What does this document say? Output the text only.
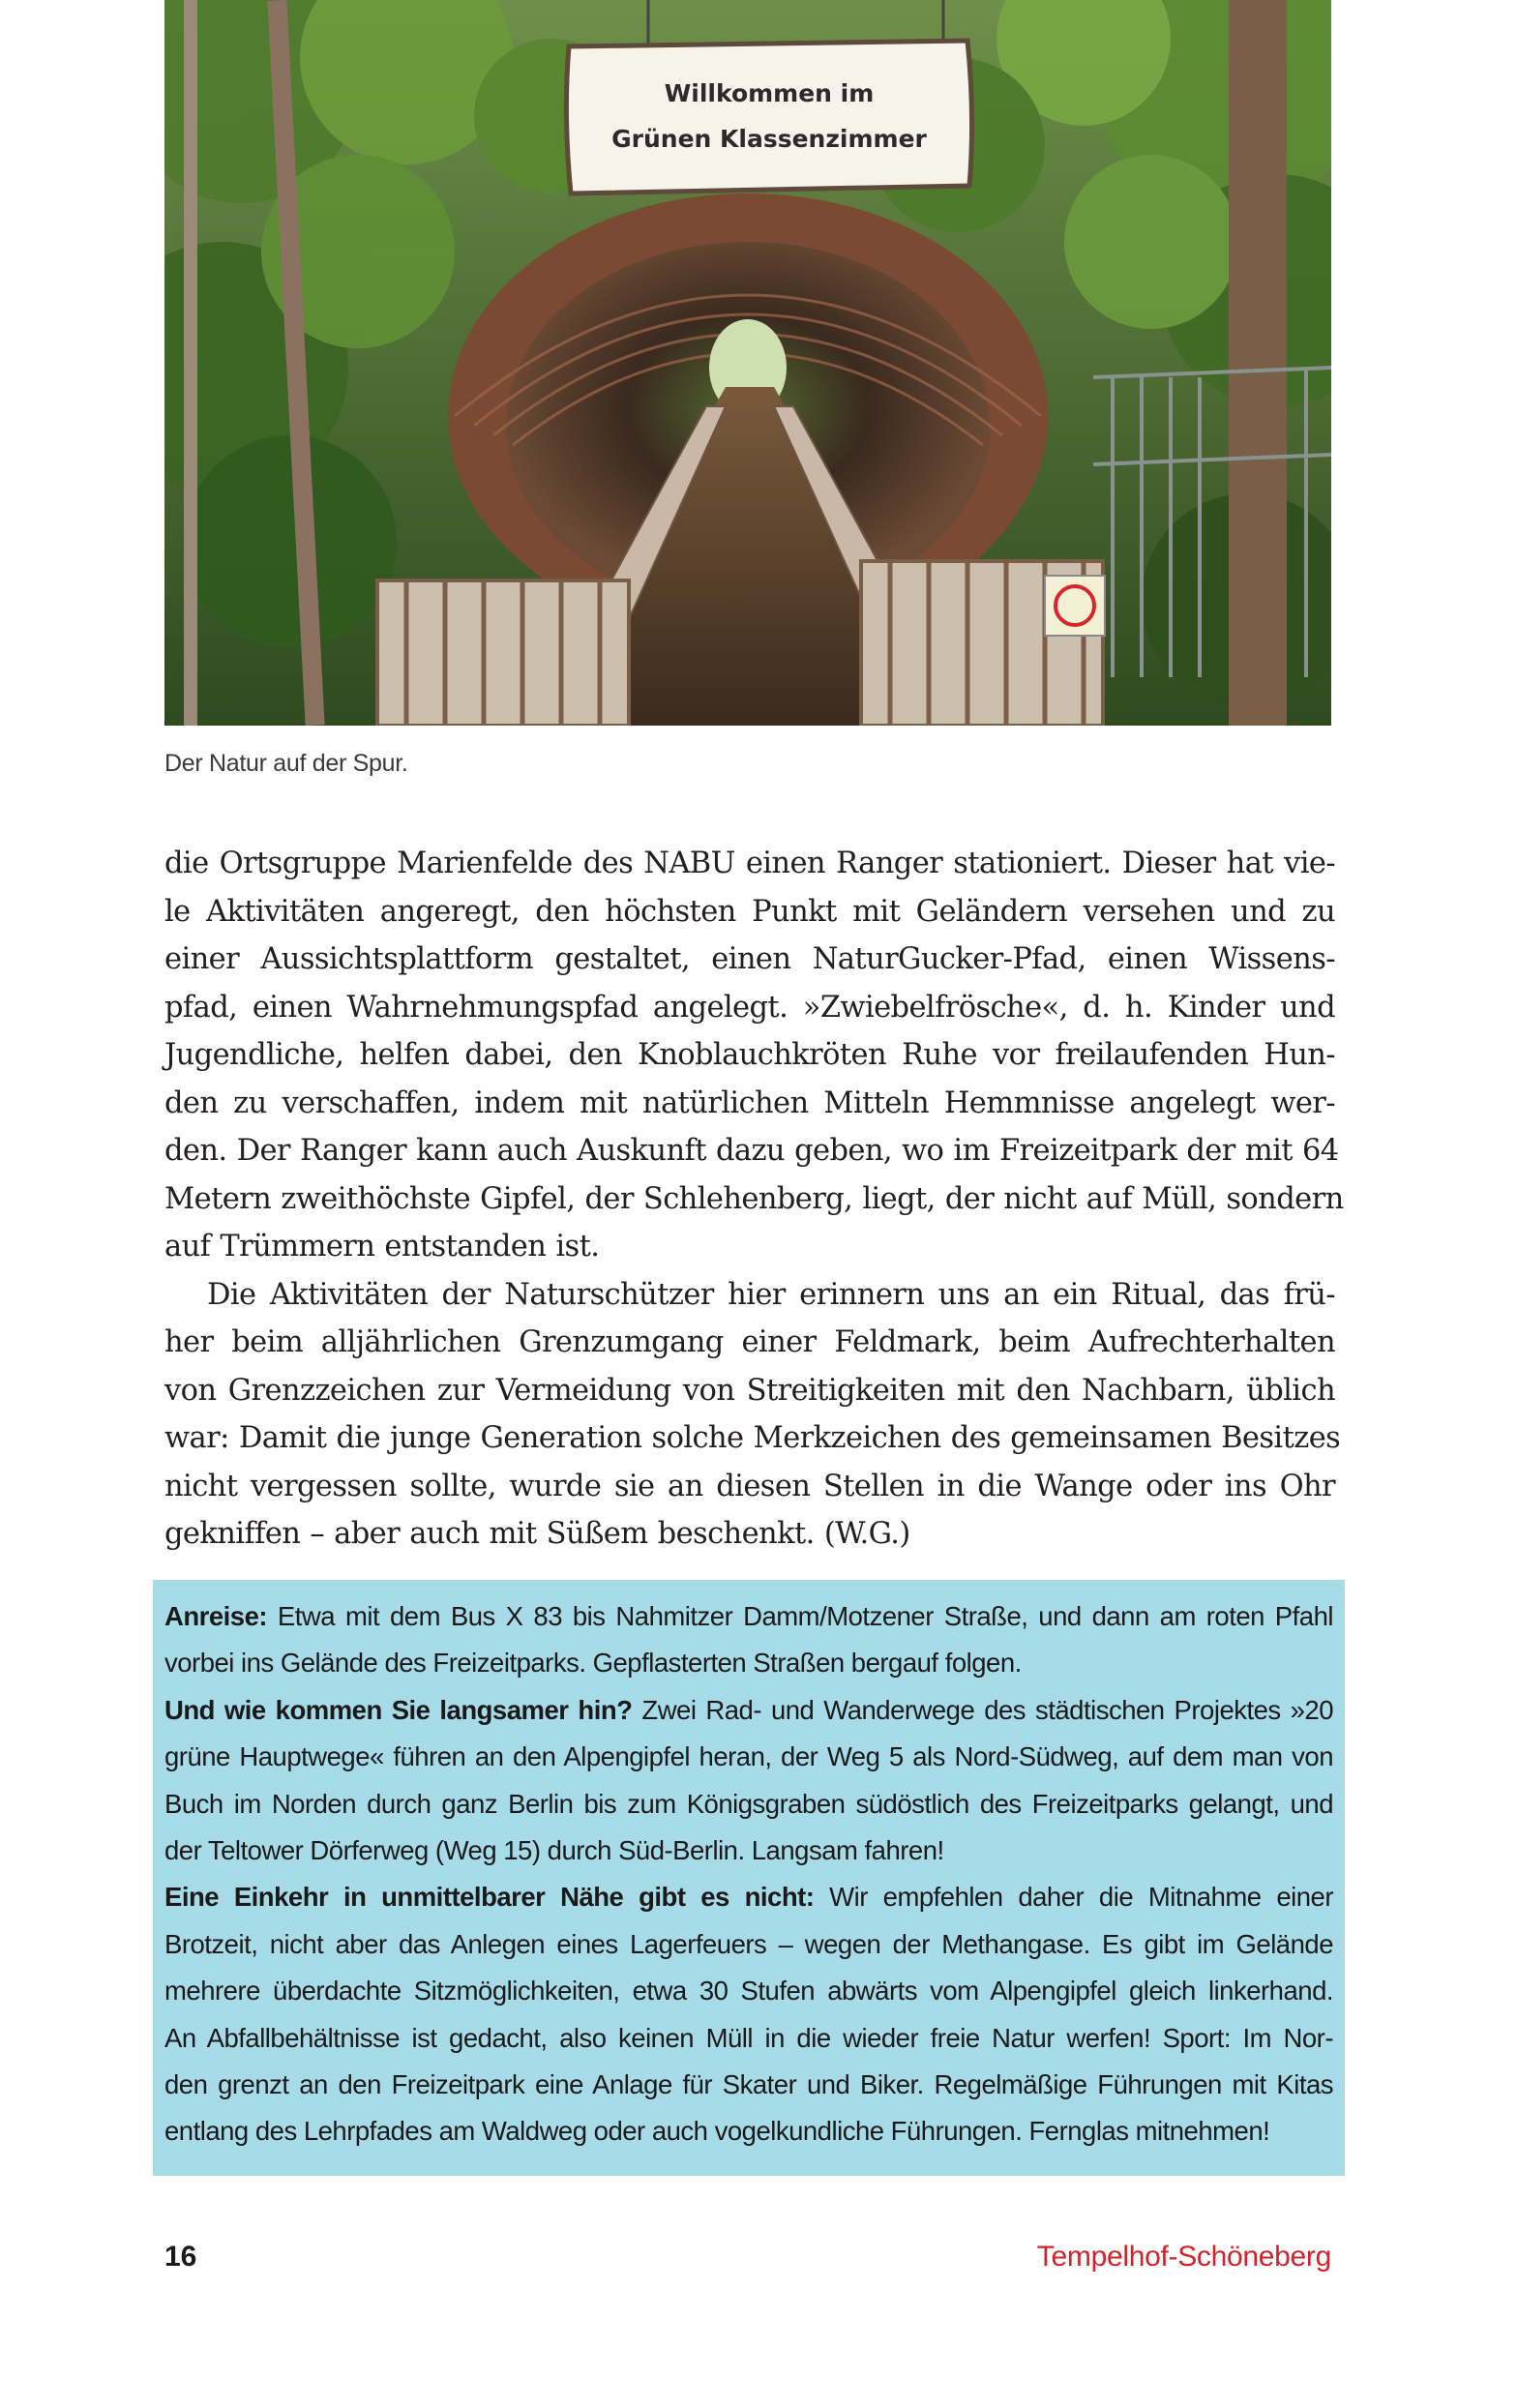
Willkommen im
Grünen Klassenzimmer
Der Natur auf der Spur.
die Ortsgruppe Marienfelde des NABU einen Ranger stationiert. Dieser hat vie-
le Aktivitäten angeregt, den höchsten Punkt mit Geländern versehen und zu
einer Aussichtsplattform gestaltet, einen NaturGucker-Pfad, einen Wissens-
pfad, einen Wahrnehmungspfad angelegt. »Zwiebelfrösche«, d. h. Kinder und
Jugendliche, helfen dabei, den Knoblauchkröten Ruhe vor freilaufenden Hun-
den zu verschaffen, indem mit natürlichen Mitteln Hemmnisse angelegt wer-
den. Der Ranger kann auch Auskunft dazu geben, wo im Freizeitpark der mit 64
Metern zweithöchste Gipfel, der Schlehenberg, liegt, der nicht auf Müll, sondern
auf Trümmern entstanden ist.
Die Aktivitäten der Naturschützer hier erinnern uns an ein Ritual, das frü-
her beim alljährlichen Grenzumgang einer Feldmark, beim Aufrechterhalten
von Grenzzeichen zur Vermeidung von Streitigkeiten mit den Nachbarn, üblich
war: Damit die junge Generation solche Merkzeichen des gemeinsamen Besitzes
nicht vergessen sollte, wurde sie an diesen Stellen in die Wange oder ins Ohr
gekniffen – aber auch mit Süßem beschenkt. (W.G.)
Anreise: Etwa mit dem Bus X 83 bis Nahmitzer Damm/Motzener Straße, und dann am roten Pfahl
vorbei ins Gelände des Freizeitparks. Gepflasterten Straßen bergauf folgen.
Und wie kommen Sie langsamer hin? Zwei Rad- und Wanderwege des städtischen Projektes »20
grüne Hauptwege« führen an den Alpengipfel heran, der Weg 5 als Nord-Südweg, auf dem man von
Buch im Norden durch ganz Berlin bis zum Königsgraben südöstlich des Freizeitparks gelangt, und
der Teltower Dörferweg (Weg 15) durch Süd-Berlin. Langsam fahren!
Eine Einkehr in unmittelbarer Nähe gibt es nicht: Wir empfehlen daher die Mitnahme einer
Brotzeit, nicht aber das Anlegen eines Lagerfeuers – wegen der Methangase. Es gibt im Gelände
mehrere überdachte Sitzmöglichkeiten, etwa 30 Stufen abwärts vom Alpengipfel gleich linkerhand.
An Abfallbehältnisse ist gedacht, also keinen Müll in die wieder freie Natur werfen! Sport: Im Nor-
den grenzt an den Freizeitpark eine Anlage für Skater und Biker. Regelmäßige Führungen mit Kitas
entlang des Lehrpfades am Waldweg oder auch vogelkundliche Führungen. Fernglas mitnehmen!
16	Tempelhof-Schöneberg
